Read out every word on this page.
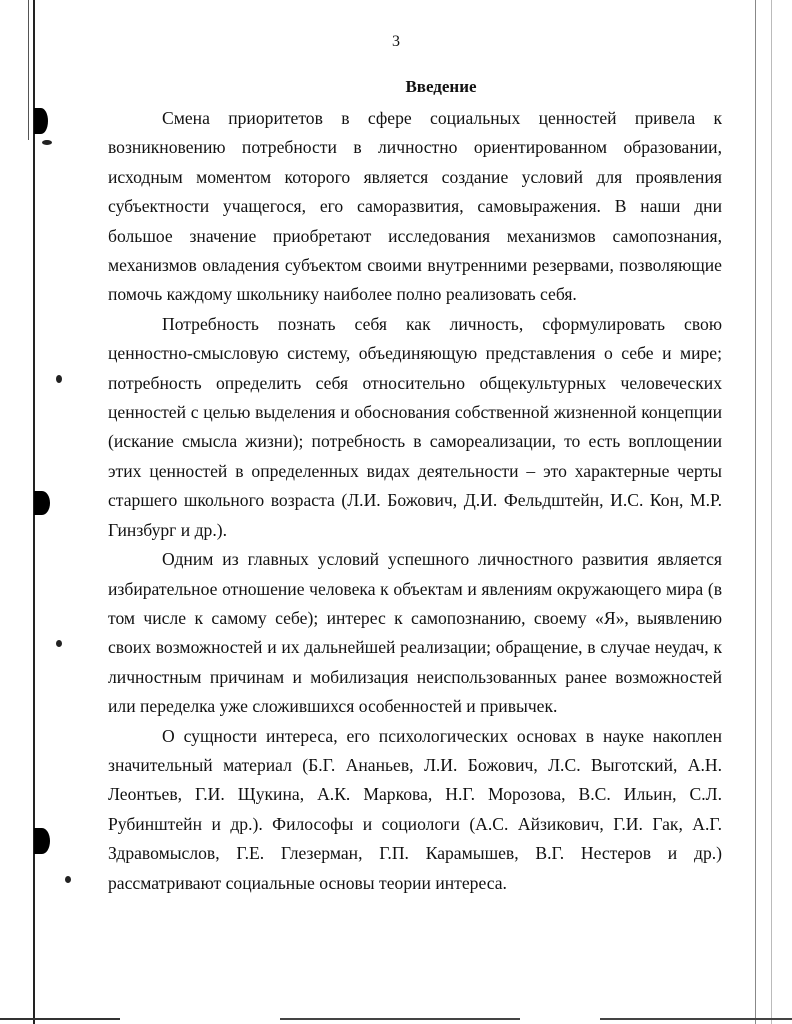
3
Введение

Смена приоритетов в сфере социальных ценностей привела к возникновению потребности в личностно ориентированном образовании, исходным моментом которого является создание условий для проявления субъектности учащегося, его саморазвития, самовыражения. В наши дни большое значение приобретают исследования механизмов самопознания, механизмов овладения субъектом своими внутренними резервами, позволяющие помочь каждому школьнику наиболее полно реализовать себя.

Потребность познать себя как личность, сформулировать свою ценностно-смысловую систему, объединяющую представления о себе и мире; потребность определить себя относительно общекультурных человеческих ценностей с целью выделения и обоснования собственной жизненной концепции (искание смысла жизни); потребность в самореализации, то есть воплощении этих ценностей в определенных видах деятельности – это характерные черты старшего школьного возраста (Л.И. Божович, Д.И. Фельдштейн, И.С. Кон, М.Р. Гинзбург и др.).

Одним из главных условий успешного личностного развития является избирательное отношение человека к объектам и явлениям окружающего мира (в том числе к самому себе); интерес к самопознанию, своему «Я», выявлению своих возможностей и их дальнейшей реализации; обращение, в случае неудач, к личностным причинам и мобилизация неиспользованных ранее возможностей или переделка уже сложившихся особенностей и привычек.

О сущности интереса, его психологических основах в науке накоплен значительный материал (Б.Г. Ананьев, Л.И. Божович, Л.С. Выготский, А.Н. Леонтьев, Г.И. Щукина, А.К. Маркова, Н.Г. Морозова, В.С. Ильин, С.Л. Рубинштейн и др.). Философы и социологи (А.С. Айзикович, Г.И. Гак, А.Г. Здравомыслов, Г.Е. Глезерман, Г.П. Карамышев, В.Г. Нестеров и др.) рассматривают социальные основы теории интереса.
